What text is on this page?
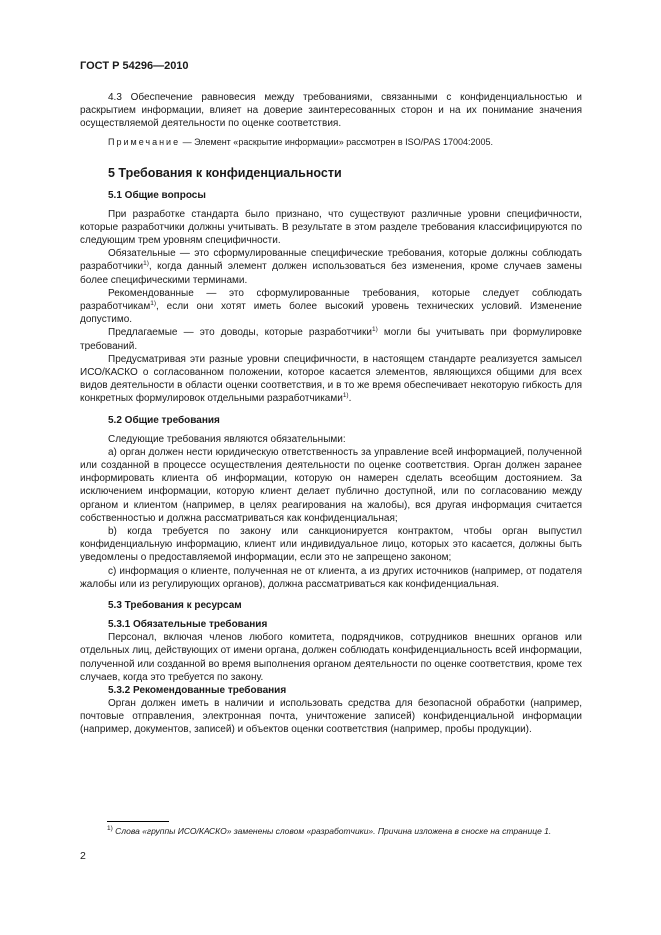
ГОСТ Р 54296—2010

4.3 Обеспечение равновесия между требованиями, связанными с конфиденциальностью и раскрытием информации, влияет на доверие заинтересованных сторон и на их понимание значения осуществляемой деятельности по оценке соответствия.

Примечание — Элемент «раскрытие информации» рассмотрен в ISO/PAS 17004:2005.

5 Требования к конфиденциальности
5.1 Общие вопросы

При разработке стандарта было признано, что существуют различные уровни специфичности, которые разработчики должны учитывать. В результате в этом разделе требования классифицируются по следующим трем уровням специфичности.

Обязательные — это сформулированные специфические требования, которые должны соблюдать разработчики$^{1)}$, когда данный элемент должен использоваться без изменения, кроме случаев замены более специфическими терминами.

Рекомендованные — это сформулированные требования, которые следует соблюдать разработчикам$^{1)}$, если они хотят иметь более высокий уровень технических условий. Изменение допустимо.

Предлагаемые — это доводы, которые разработчики$^{1)}$ могли бы учитывать при формулировке требований.

Предусматривая эти разные уровни специфичности, в настоящем стандарте реализуется замысел ИСО/КАСКО о согласованном положении, которое касается элементов, являющихся общими для всех видов деятельности в области оценки соответствия, и в то же время обеспечивает некоторую гибкость для конкретных формулировок отдельными разработчиками$^{1)}$.

5.2 Общие требования

Следующие требования являются обязательными:

а) орган должен нести юридическую ответственность за управление всей информацией, полученной или созданной в процессе осуществления деятельности по оценке соответствия. Орган должен заранее информировать клиента об информации, которую он намерен сделать всеобщим достоянием. За исключением информации, которую клиент делает публично доступной, или по согласованию между органом и клиентом (например, в целях реагирования на жалобы), вся другая информация считается собственностью и должна рассматриваться как конфиденциальная;

b) когда требуется по закону или санкционируется контрактом, чтобы орган выпустил конфиденциальную информацию, клиент или индивидуальное лицо, которых это касается, должны быть уведомлены о предоставляемой информации, если это не запрещено законом;

с) информация о клиенте, полученная не от клиента, а из других источников (например, от подателя жалобы или из регулирующих органов), должна рассматриваться как конфиденциальная.

5.3 Требования к ресурсам
5.3.1 Обязательные требования

Персонал, включая членов любого комитета, подрядчиков, сотрудников внешних органов или отдельных лиц, действующих от имени органа, должен соблюдать конфиденциальность всей информации, полученной или созданной во время выполнения органом деятельности по оценке соответствия, кроме тех случаев, когда это требуется по закону.

5.3.2 Рекомендованные требования

Орган должен иметь в наличии и использовать средства для безопасной обработки (например, почтовые отправления, электронная почта, уничтожение записей) конфиденциальной информации (например, документов, записей) и объектов оценки соответствия (например, пробы продукции).

$^{1)}$ Слова «группы ИСО/КАСКО» заменены словом «разработчики». Причина изложена в сноске на странице 1.
2
